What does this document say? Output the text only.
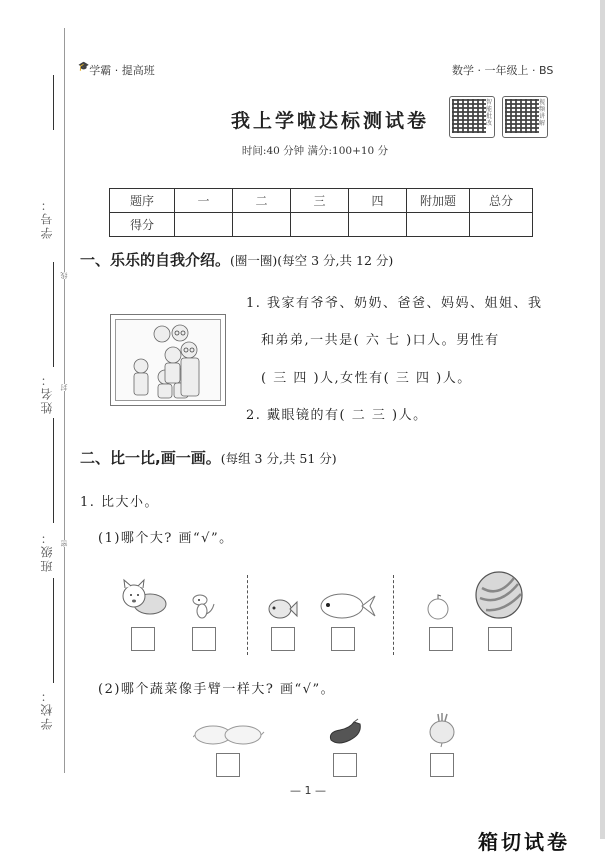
学号：
姓名：
班级：
学校：
线
封
密
🎓学霸 · 提高班	数学 · 一年级上 · BS
我上学啦达标测试卷
时间:40 分钟 满分:100+10 分
智能批改
视频讲解
题序	一	二	三	四	附加题	总分
得分						
一、乐乐的自我介绍。(圈一圈)(每空 3 分,共 12 分)
1. 我家有爷爷、奶奶、爸爸、妈妈、姐姐、我
和弟弟,一共是( 六 七 )口人。男性有
( 三 四 )人,女性有( 三 四 )人。
2. 戴眼镜的有( 二 三 )人。
二、比一比,画一画。(每组 3 分,共 51 分)
1. 比大小。
(1)哪个大? 画“√”。
(2)哪个蔬菜像手臂一样大? 画“√”。
— 1 —
箱切试卷
